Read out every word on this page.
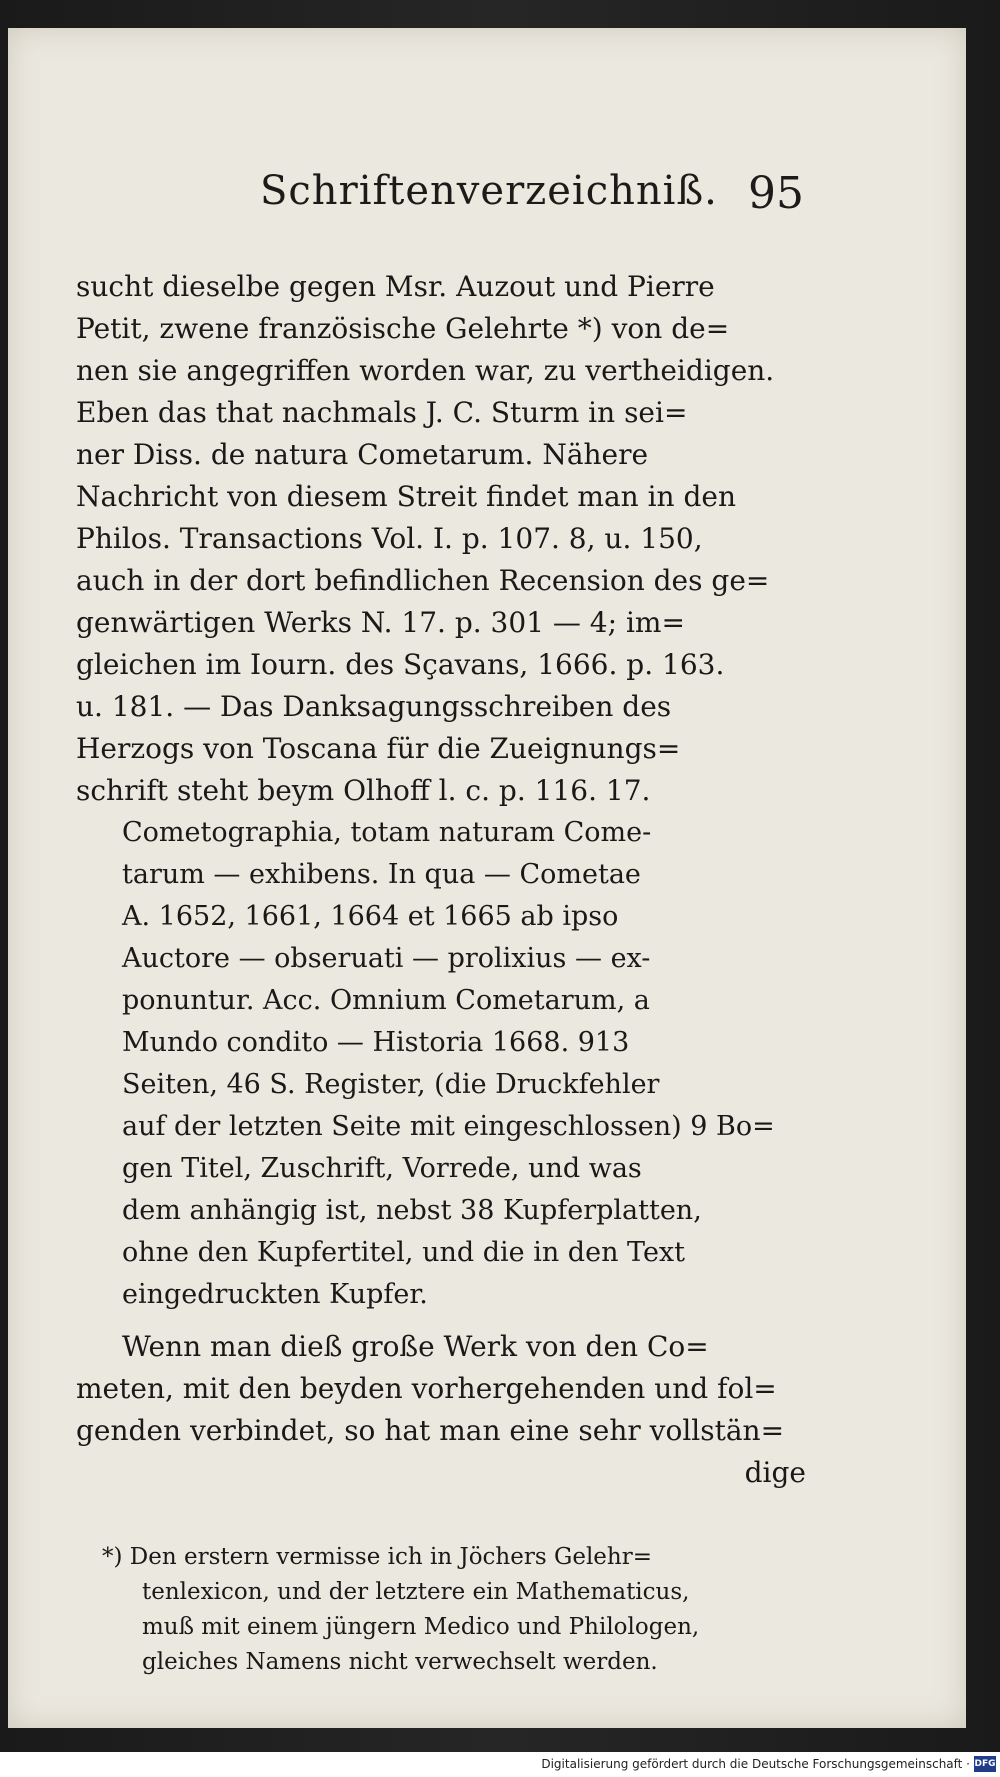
Schriftenverzeichniß. 95
sucht dieselbe gegen Msr. Auzout und Pierre
Petit, zwene französische Gelehrte *) von de=
nen sie angegriffen worden war, zu vertheidigen.
Eben das that nachmals J. C. Sturm in sei=
ner Diss. de natura Cometarum. Nähere
Nachricht von diesem Streit findet man in den
Philos. Transactions Vol. I. p. 107. 8, u. 150,
auch in der dort befindlichen Recension des ge=
genwärtigen Werks N. 17. p. 301 — 4; im=
gleichen im Iourn. des Sçavans, 1666. p. 163.
u. 181. — Das Danksagungsschreiben des
Herzogs von Toscana für die Zueignungs=
schrift steht beym Olhoff l. c. p. 116. 17.
Cometographia, totam naturam Come-
tarum — exhibens. In qua — Cometae
A. 1652, 1661, 1664 et 1665 ab ipso
Auctore — obseruati — prolixius — ex-
ponuntur. Acc. Omnium Cometarum, a
Mundo condito — Historia 1668. 913
Seiten, 46 S. Register, (die Druckfehler
auf der letzten Seite mit eingeschlossen) 9 Bo=
gen Titel, Zuschrift, Vorrede, und was
dem anhängig ist, nebst 38 Kupferplatten,
ohne den Kupfertitel, und die in den Text
eingedruckten Kupfer.
Wenn man dieß große Werk von den Co=
meten, mit den beyden vorhergehenden und fol=
genden verbindet, so hat man eine sehr vollstän=
dige
*) Den erstern vermisse ich in Jöchers Gelehr=
tenlexicon, und der letztere ein Mathematicus,
muß mit einem jüngern Medico und Philologen,
gleiches Namens nicht verwechselt werden.
Digitalisierung gefördert durch die Deutsche Forschungsgemeinschaft · DFG
